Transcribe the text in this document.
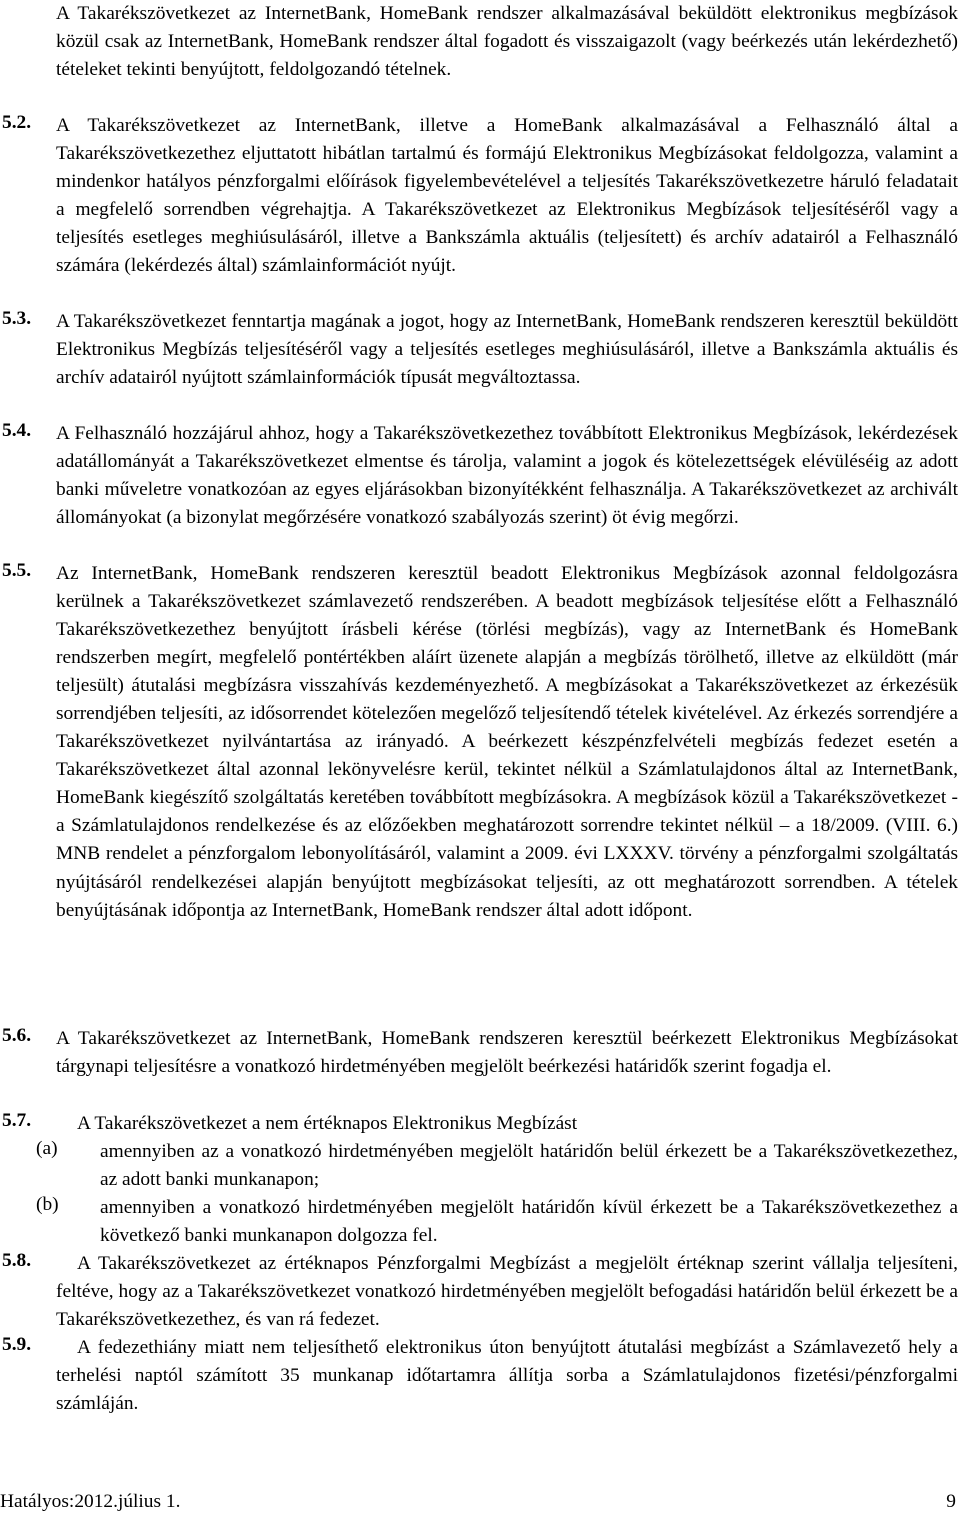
A Takarékszövetkezet az InternetBank, HomeBank rendszer alkalmazásával beküldött elektronikus megbízások közül csak az InternetBank, HomeBank rendszer által fogadott és visszaigazolt (vagy beérkezés után lekérdezhető) tételeket tekinti benyújtott, feldolgozandó tételnek.

5.2. A Takarékszövetkezet az InternetBank, illetve a HomeBank alkalmazásával a Felhasználó által a Takarékszövetkezethez eljuttatott hibátlan tartalmú és formájú Elektronikus Megbízásokat feldolgozza, valamint a mindenkor hatályos pénzforgalmi előírások figyelembevételével a teljesítés Takarékszövetkezetre háruló feladatait a megfelelő sorrendben végrehajtja. A Takarékszövetkezet az Elektronikus Megbízások teljesítéséről vagy a teljesítés esetleges meghiúsulásáról, illetve a Bankszámla aktuális (teljesített) és archív adatairól a Felhasználó számára (lekérdezés által) számlainformációt nyújt.

5.3. A Takarékszövetkezet fenntartja magának a jogot, hogy az InternetBank, HomeBank rendszeren keresztül beküldött Elektronikus Megbízás teljesítéséről vagy a teljesítés esetleges meghiúsulásáról, illetve a Bankszámla aktuális és archív adatairól nyújtott számlainformációk típusát megváltoztassa.

5.4. A Felhasználó hozzájárul ahhoz, hogy a Takarékszövetkezethez továbbított Elektronikus Megbízások, lekérdezések adatállományát a Takarékszövetkezet elmentse és tárolja, valamint a jogok és kötelezettségek elévüléséig az adott banki műveletre vonatkozóan az egyes eljárásokban bizonyítékként felhasználja. A Takarékszövetkezet az archivált állományokat (a bizonylat megőrzésére vonatkozó szabályozás szerint) öt évig megőrzi.

5.5. Az InternetBank, HomeBank rendszeren keresztül beadott Elektronikus Megbízások azonnal feldolgozásra kerülnek a Takarékszövetkezet számlavezető rendszerében. A beadott megbízások teljesítése előtt a Felhasználó Takarékszövetkezethez benyújtott írásbeli kérése (törlési megbízás), vagy az InternetBank és HomeBank rendszerben megírt, megfelelő pontértékben aláírt üzenete alapján a megbízás törölhető, illetve az elküldött (már teljesült) átutalási megbízásra visszahívás kezdeményezhető. A megbízásokat a Takarékszövetkezet az érkezésük sorrendjében teljesíti, az idősorrendet kötelezően megelőző teljesítendő tételek kivételével. Az érkezés sorrendjére a Takarékszövetkezet nyilvántartása az irányadó. A beérkezett készpénzfelvételi megbízás fedezet esetén a Takarékszövetkezet által azonnal lekönyvelésre kerül, tekintet nélkül a Számlatulajdonos által az InternetBank, HomeBank kiegészítő szolgáltatás keretében továbbított megbízásokra. A megbízások közül a Takarékszövetkezet - a Számlatulajdonos rendelkezése és az előzőekben meghatározott sorrendre tekintet nélkül – a 18/2009. (VIII. 6.) MNB rendelet a pénzforgalom lebonyolításáról, valamint a 2009. évi LXXXV. törvény a pénzforgalmi szolgáltatás nyújtásáról rendelkezései alapján benyújtott megbízásokat teljesíti, az ott meghatározott sorrendben. A tételek benyújtásának időpontja az InternetBank, HomeBank rendszer által adott időpont.

5.6. A Takarékszövetkezet az InternetBank, HomeBank rendszeren keresztül beérkezett Elektronikus Megbízásokat tárgynapi teljesítésre a vonatkozó hirdetményében megjelölt beérkezési határidők szerint fogadja el.

5.7.	A Takarékszövetkezet a nem értéknapos Elektronikus Megbízást

(a) amennyiben az a vonatkozó hirdetményében megjelölt határidőn belül érkezett be a Takarékszövetkezethez, az adott banki munkanapon;

(b) amennyiben a vonatkozó hirdetményében megjelölt határidőn kívül érkezett be a Takarékszövetkezethez a következő banki munkanapon dolgozza fel.

5.8.	A Takarékszövetkezet az értéknapos Pénzforgalmi Megbízást a megjelölt értéknap szerint vállalja teljesíteni, feltéve, hogy az a Takarékszövetkezet vonatkozó hirdetményében megjelölt befogadási határidőn belül érkezett be a Takarékszövetkezethez, és van rá fedezet.

5.9.	A fedezethiány miatt nem teljesíthető elektronikus úton benyújtott átutalási megbízást a Számlavezető hely a terhelési naptól számított 35 munkanap időtartamra állítja sorba a Számlatulajdonos fizetési/pénzforgalmi számláján.

Hatályos:2012.július 1.	9
